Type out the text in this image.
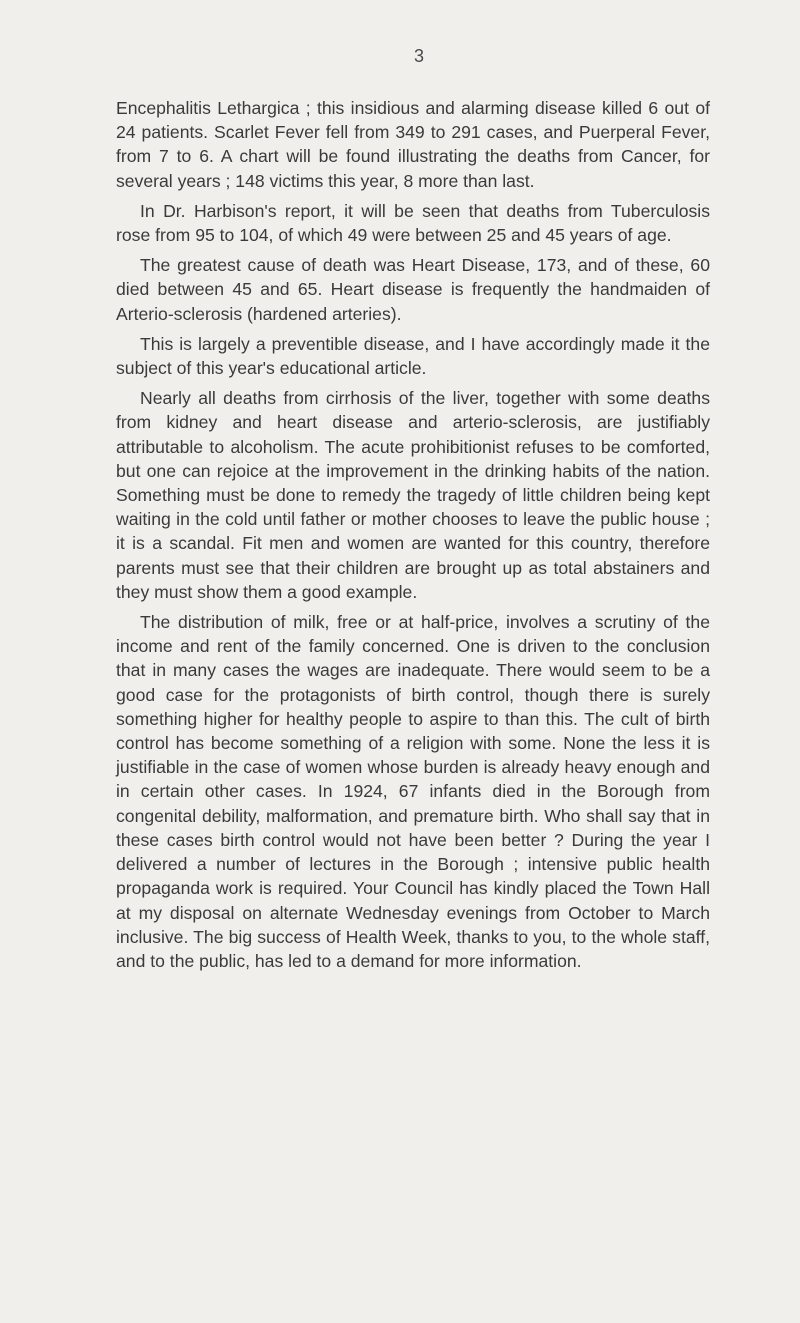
3

Encephalitis Lethargica ; this insidious and alarming disease killed 6 out of 24 patients. Scarlet Fever fell from 349 to 291 cases, and Puerperal Fever, from 7 to 6. A chart will be found illustrating the deaths from Cancer, for several years ; 148 victims this year, 8 more than last.

In Dr. Harbison's report, it will be seen that deaths from Tuberculosis rose from 95 to 104, of which 49 were between 25 and 45 years of age.

The greatest cause of death was Heart Disease, 173, and of these, 60 died between 45 and 65. Heart disease is frequently the handmaiden of Arterio-sclerosis (hardened arteries).

This is largely a preventible disease, and I have accordingly made it the subject of this year's educational article.

Nearly all deaths from cirrhosis of the liver, together with some deaths from kidney and heart disease and arterio-sclerosis, are justifiably attributable to alcoholism. The acute prohibitionist refuses to be comforted, but one can rejoice at the improvement in the drinking habits of the nation. Something must be done to remedy the tragedy of little children being kept waiting in the cold until father or mother chooses to leave the public house ; it is a scandal. Fit men and women are wanted for this country, therefore parents must see that their children are brought up as total abstainers and they must show them a good example.

The distribution of milk, free or at half-price, involves a scrutiny of the income and rent of the family concerned. One is driven to the conclusion that in many cases the wages are inadequate. There would seem to be a good case for the protagonists of birth control, though there is surely something higher for healthy people to aspire to than this. The cult of birth control has become something of a religion with some. None the less it is justifiable in the case of women whose burden is already heavy enough and in certain other cases. In 1924, 67 infants died in the Borough from congenital debility, malformation, and premature birth. Who shall say that in these cases birth control would not have been better ? During the year I delivered a number of lectures in the Borough ; intensive public health propaganda work is required. Your Council has kindly placed the Town Hall at my disposal on alternate Wednesday evenings from October to March inclusive. The big success of Health Week, thanks to you, to the whole staff, and to the public, has led to a demand for more information.
